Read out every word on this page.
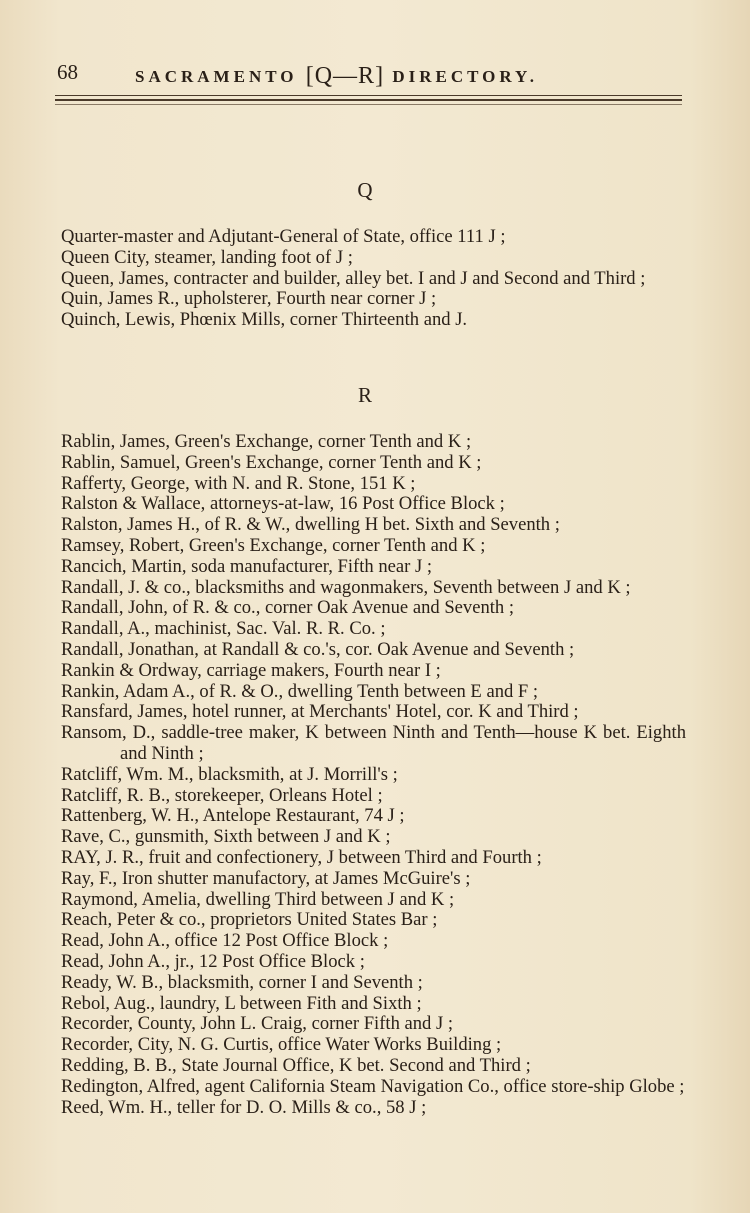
68	SACRAMENTO [Q—R] DIRECTORY.
Q
Quarter-master and Adjutant-General of State, office 111 J ;
Queen City, steamer, landing foot of J ;
Queen, James, contracter and builder, alley bet. I and J and Second and Third ;
Quin, James R., upholsterer, Fourth near corner J ;
Quinch, Lewis, Phœnix Mills, corner Thirteenth and J.
R
Rablin, James, Green's Exchange, corner Tenth and K ;
Rablin, Samuel, Green's Exchange, corner Tenth and K ;
Rafferty, George, with N. and R. Stone, 151 K ;
Ralston & Wallace, attorneys-at-law, 16 Post Office Block ;
Ralston, James H., of R. & W., dwelling H bet. Sixth and Seventh ;
Ramsey, Robert, Green's Exchange, corner Tenth and K ;
Rancich, Martin, soda manufacturer, Fifth near J ;
Randall, J. & co., blacksmiths and wagonmakers, Seventh between J and K ;
Randall, John, of R. & co., corner Oak Avenue and Seventh ;
Randall, A., machinist, Sac. Val. R. R. Co. ;
Randall, Jonathan, at Randall & co.'s, cor. Oak Avenue and Seventh ;
Rankin & Ordway, carriage makers, Fourth near I ;
Rankin, Adam A., of R. & O., dwelling Tenth between E and F ;
Ransfard, James, hotel runner, at Merchants' Hotel, cor. K and Third ;
Ransom, D., saddle-tree maker, K between Ninth and Tenth—house K bet. Eighth and Ninth ;
Ratcliff, Wm. M., blacksmith, at J. Morrill's ;
Ratcliff, R. B., storekeeper, Orleans Hotel ;
Rattenberg, W. H., Antelope Restaurant, 74 J ;
Rave, C., gunsmith, Sixth between J and K ;
RAY, J. R., fruit and confectionery, J between Third and Fourth ;
Ray, F., Iron shutter manufactory, at James McGuire's ;
Raymond, Amelia, dwelling Third between J and K ;
Reach, Peter & co., proprietors United States Bar ;
Read, John A., office 12 Post Office Block ;
Read, John A., jr., 12 Post Office Block ;
Ready, W. B., blacksmith, corner I and Seventh ;
Rebol, Aug., laundry, L between Fith and Sixth ;
Recorder, County, John L. Craig, corner Fifth and J ;
Recorder, City, N. G. Curtis, office Water Works Building ;
Redding, B. B., State Journal Office, K bet. Second and Third ;
Redington, Alfred, agent California Steam Navigation Co., office store-ship Globe ;
Reed, Wm. H., teller for D. O. Mills & co., 58 J ;
